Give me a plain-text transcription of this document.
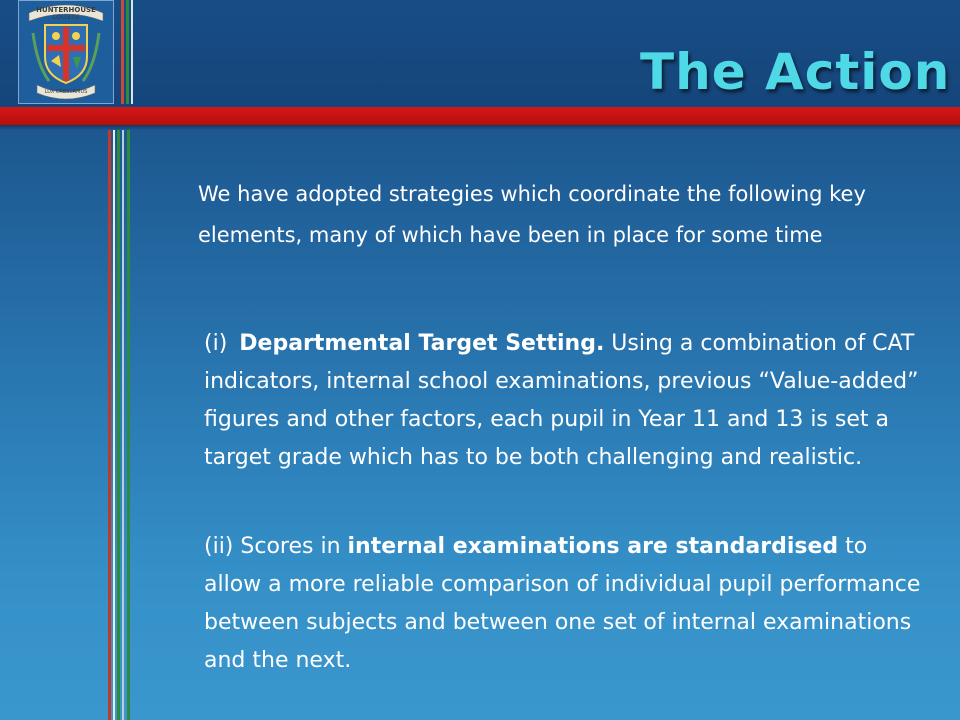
HUNTERHOUSE
COLLEGE
LUX CRESCAMUS	The Action
We have adopted strategies which coordinate the following key elements, many of which have been in place for some time
(i) Departmental Target Setting. Using a combination of CAT indicators, internal school examinations, previous “Value-added” figures and other factors, each pupil in Year 11 and 13 is set a target grade which has to be both challenging and realistic.
(ii) Scores in internal examinations are standardised to allow a more reliable comparison of individual pupil performance between subjects and between one set of internal examinations and the next.
